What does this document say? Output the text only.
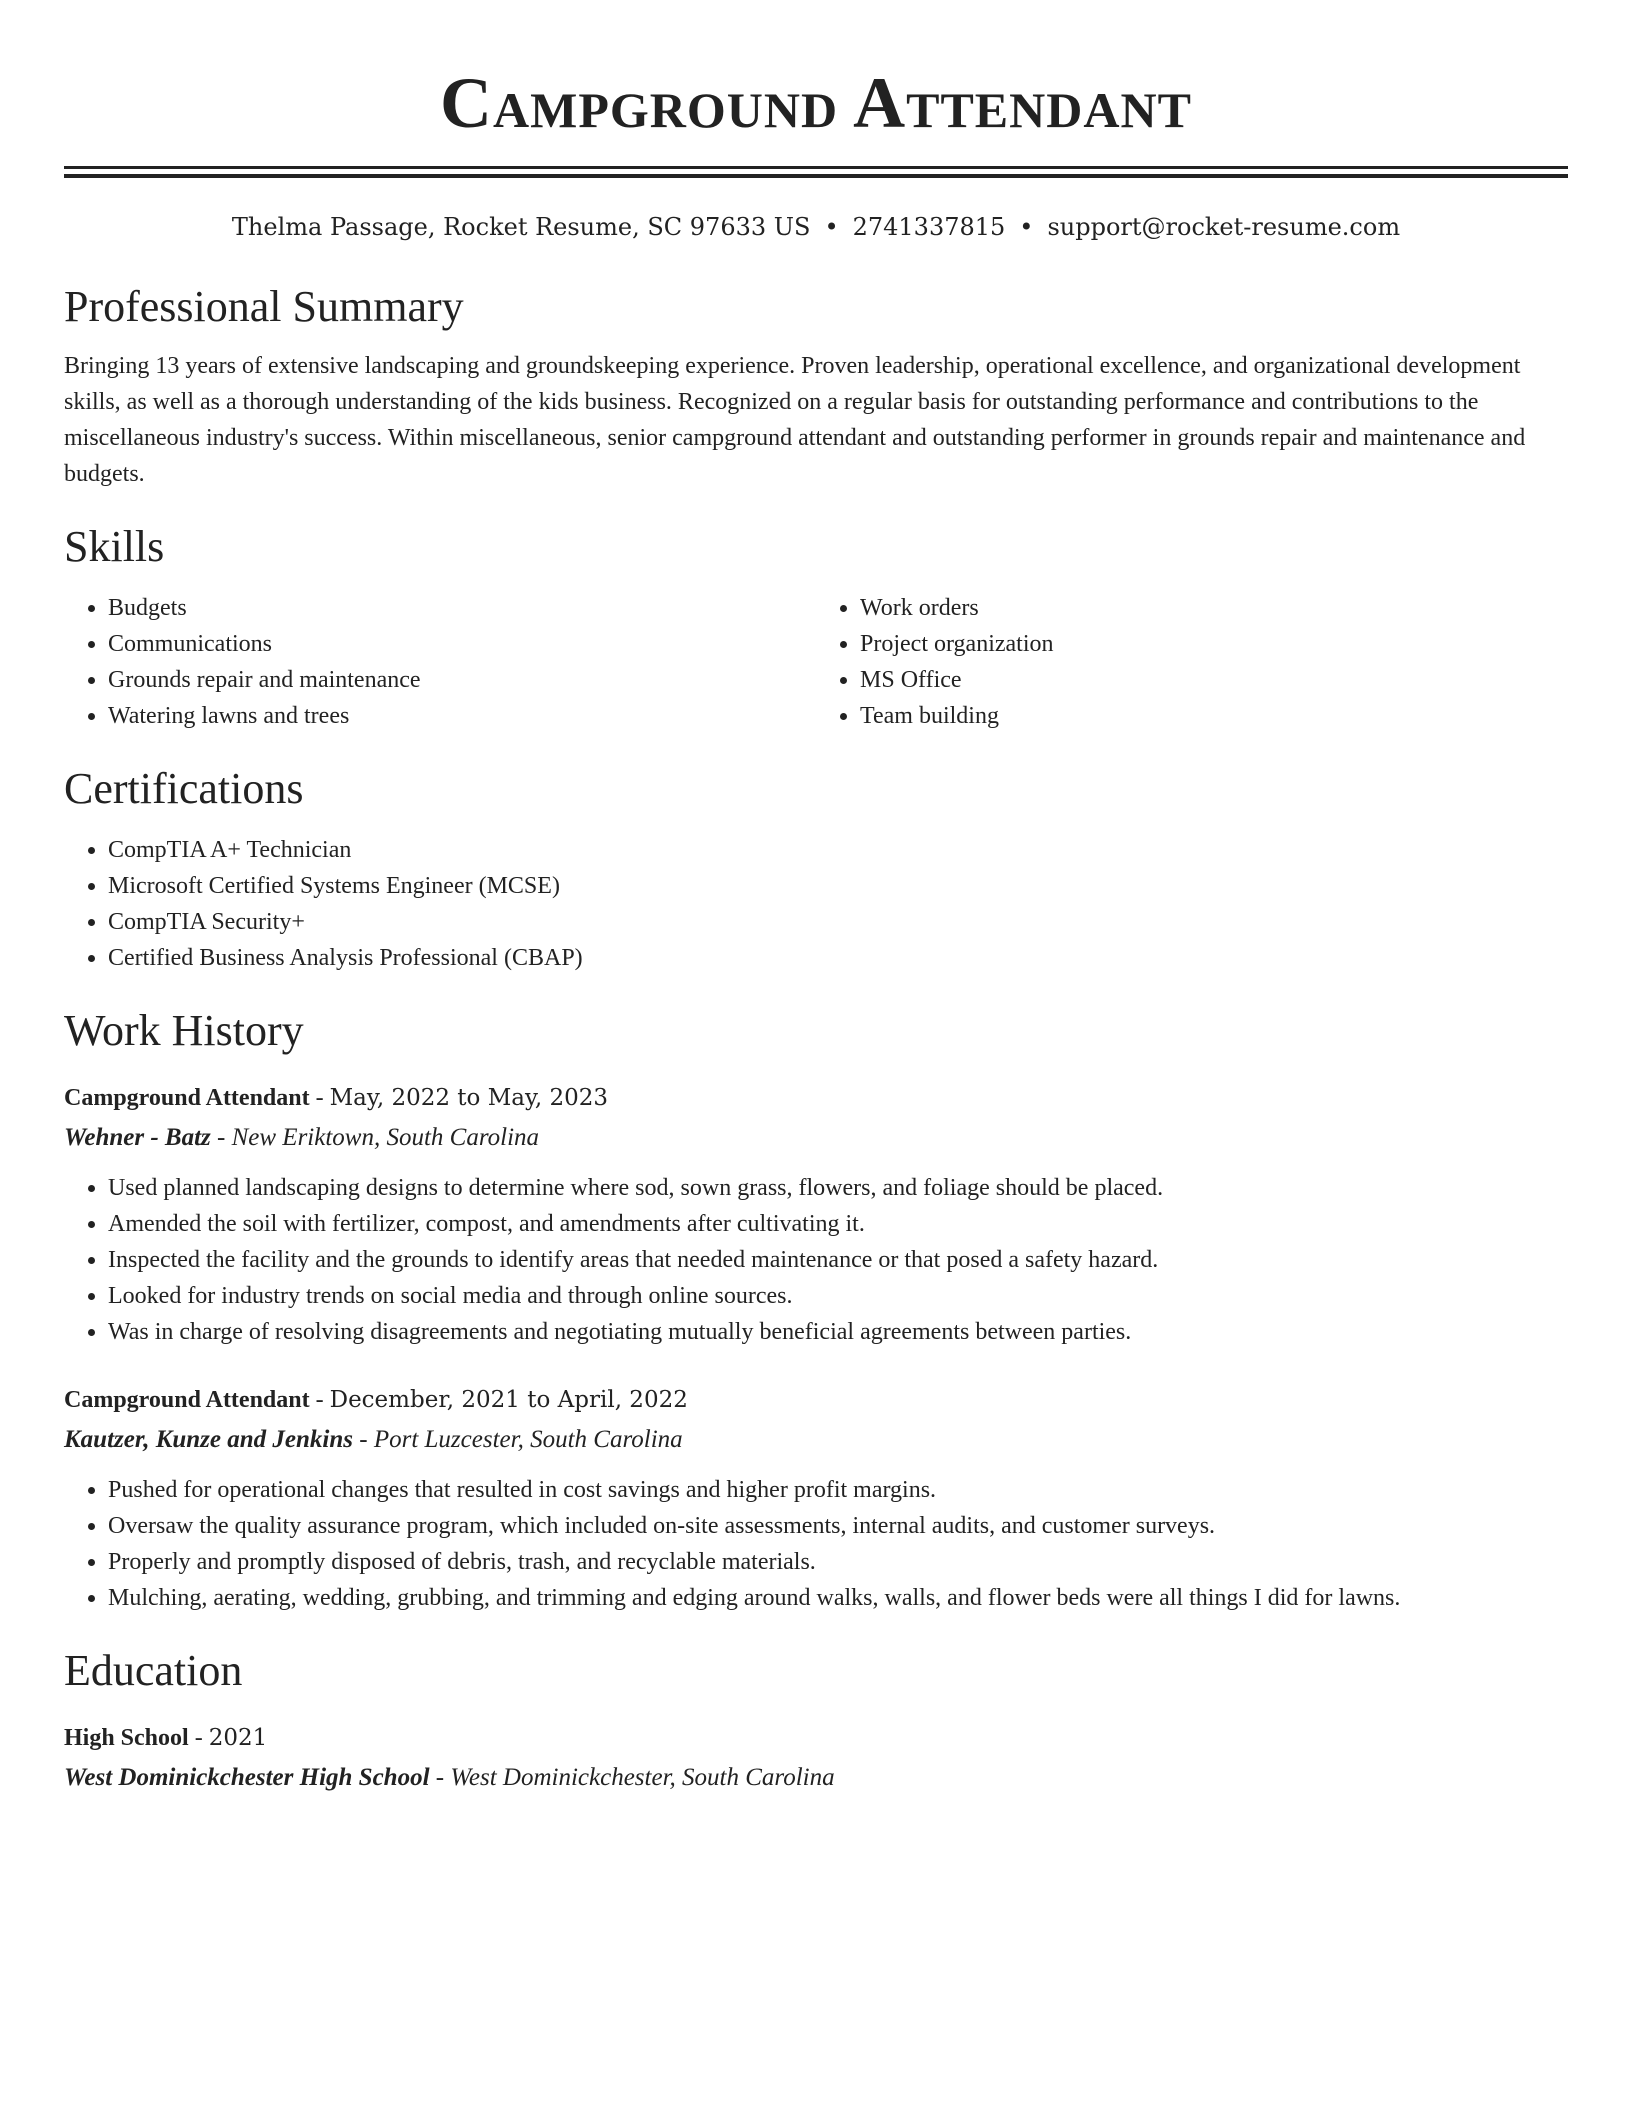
Campground Attendant
Thelma Passage, Rocket Resume, SC 97633 US • 2741337815 • support@rocket-resume.com
Professional Summary
Bringing 13 years of extensive landscaping and groundskeeping experience. Proven leadership, operational excellence, and organizational development skills, as well as a thorough understanding of the kids business. Recognized on a regular basis for outstanding performance and contributions to the miscellaneous industry's success. Within miscellaneous, senior campground attendant and outstanding performer in grounds repair and maintenance and budgets.
Skills
• Budgets
• Communications
• Grounds repair and maintenance
• Watering lawns and trees
• Work orders
• Project organization
• MS Office
• Team building
Certifications
• CompTIA A+ Technician
• Microsoft Certified Systems Engineer (MCSE)
• CompTIA Security+
• Certified Business Analysis Professional (CBAP)
Work History
Campground Attendant - May, 2022 to May, 2023
Wehner - Batz - New Eriktown, South Carolina
• Used planned landscaping designs to determine where sod, sown grass, flowers, and foliage should be placed.
• Amended the soil with fertilizer, compost, and amendments after cultivating it.
• Inspected the facility and the grounds to identify areas that needed maintenance or that posed a safety hazard.
• Looked for industry trends on social media and through online sources.
• Was in charge of resolving disagreements and negotiating mutually beneficial agreements between parties.
Campground Attendant - December, 2021 to April, 2022
Kautzer, Kunze and Jenkins - Port Luzcester, South Carolina
• Pushed for operational changes that resulted in cost savings and higher profit margins.
• Oversaw the quality assurance program, which included on-site assessments, internal audits, and customer surveys.
• Properly and promptly disposed of debris, trash, and recyclable materials.
• Mulching, aerating, wedding, grubbing, and trimming and edging around walks, walls, and flower beds were all things I did for lawns.
Education
High School - 2021
West Dominickchester High School - West Dominickchester, South Carolina
